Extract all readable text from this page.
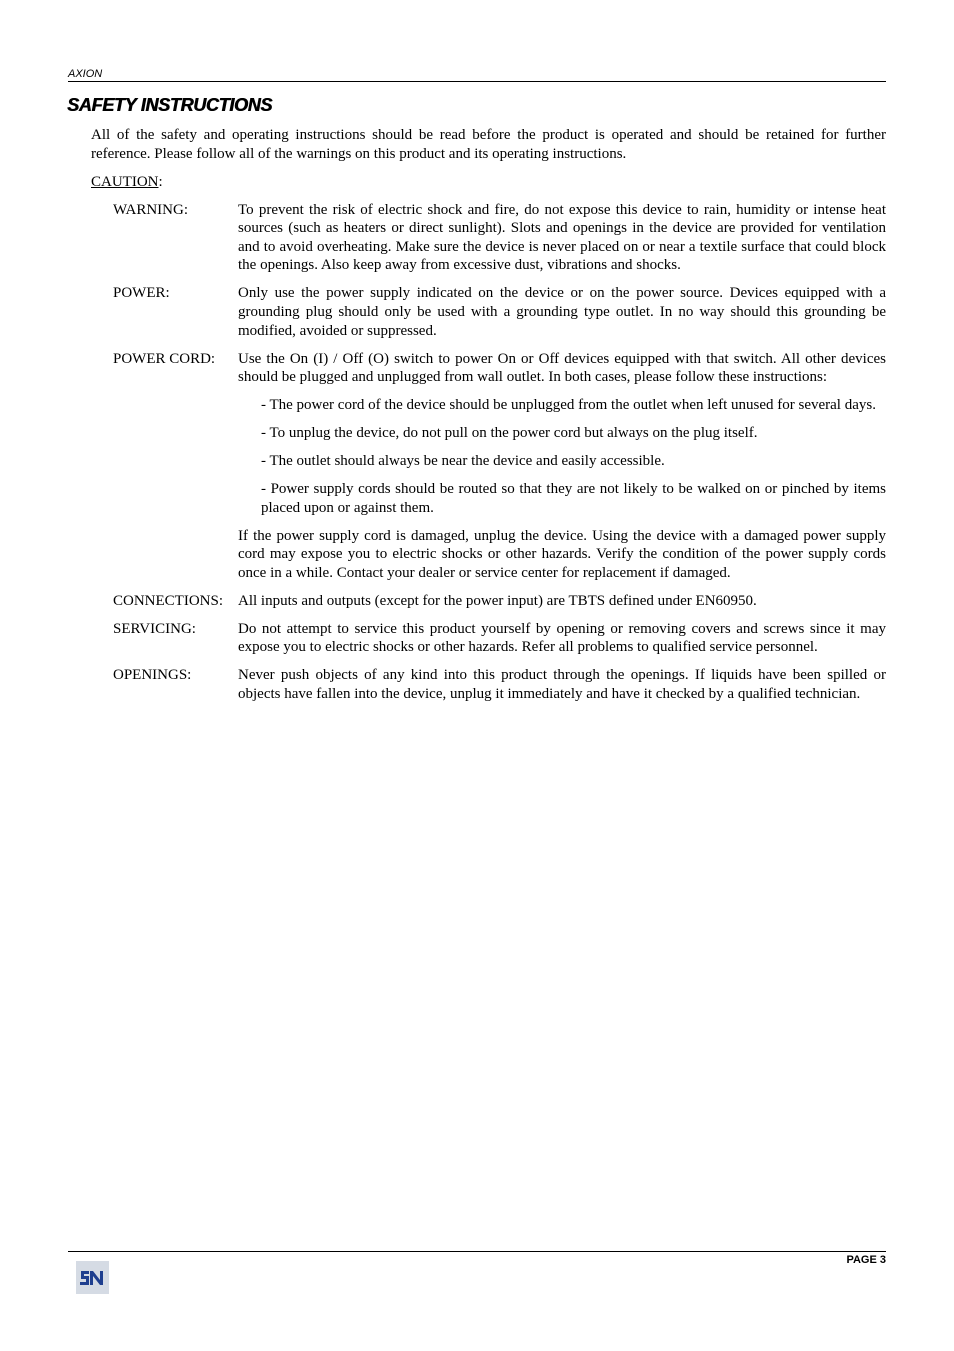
AXION
SAFETY INSTRUCTIONS

All of the safety and operating instructions should be read before the product is operated and should be retained for further reference. Please follow all of the warnings on this product and its operating instructions.

CAUTION:

WARNING:	To prevent the risk of electric shock and fire, do not expose this device to rain, humidity or intense heat sources (such as heaters or direct sunlight). Slots and openings in the device are provided for ventilation and to avoid overheating. Make sure the device is never placed on or near a textile surface that could block the openings. Also keep away from excessive dust, vibrations and shocks.
POWER:	Only use the power supply indicated on the device or on the power source. Devices equipped with a grounding plug should only be used with a grounding type outlet. In no way should this grounding be modified, avoided or suppressed.
POWER CORD:	Use the On (I) / Off (O) switch to power On or Off devices equipped with that switch. All other devices should be plugged and unplugged from wall outlet. In both cases, please follow these instructions:

- The power cord of the device should be unplugged from the outlet when left unused for several days.

- To unplug the device, do not pull on the power cord but always on the plug itself.

- The outlet should always be near the device and easily accessible.

- Power supply cords should be routed so that they are not likely to be walked on or pinched by items placed upon or against them.

If the power supply cord is damaged, unplug the device. Using the device with a damaged power supply cord may expose you to electric shocks or other hazards. Verify the condition of the power supply cords once in a while. Contact your dealer or service center for replacement if damaged.

CONNECTIONS: All inputs and outputs (except for the power input) are TBTS defined under EN60950.
SERVICING:	Do not attempt to service this product yourself by opening or removing covers and screws since it may expose you to electric shocks or other hazards. Refer all problems to qualified service personnel.
OPENINGS:	Never push objects of any kind into this product through the openings. If liquids have been spilled or objects have fallen into the device, unplug it immediately and have it checked by a qualified technician.
PAGE 3
